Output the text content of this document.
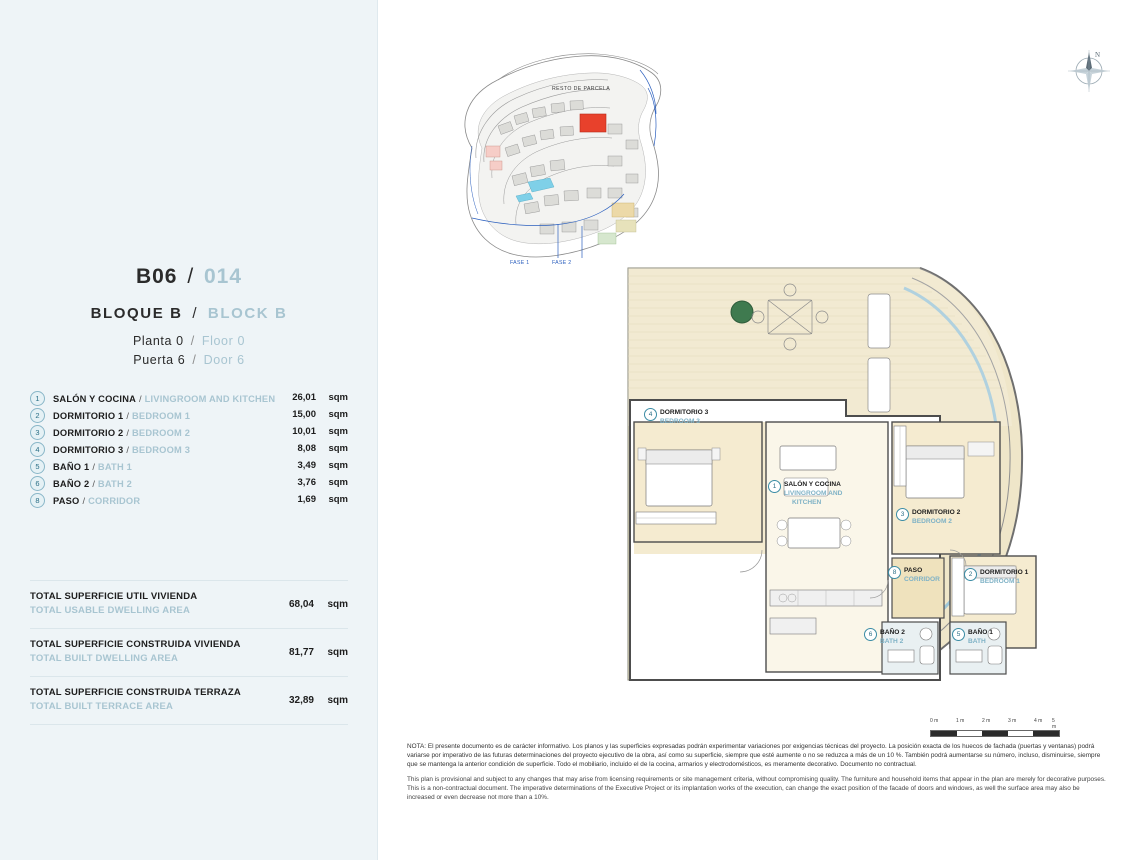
B06 / 014
BLOQUE B / BLOCK B
Planta 0 / Floor 0
Puerta 6 / Door 6
1	SALÓN Y COCINA / LIVINGROOM AND KITCHEN 26,01 sqm
2	DORMITORIO 1 / BEDROOM 1	15,00 sqm
3	DORMITORIO 2 / BEDROOM 2	10,01 sqm
4	DORMITORIO 3 / BEDROOM 3	8,08 sqm
5	BAÑO 1 / BATH 1	3,49 sqm
6	BAÑO 2 / BATH 2	3,76 sqm
8	PASO / CORRIDOR	1,69 sqm
TOTAL SUPERFICIE UTIL VIVIENDA
TOTAL USABLE DWELLING AREA
68,04 sqm
TOTAL SUPERFICIE CONSTRUIDA VIVIENDA
TOTAL BUILT DWELLING AREA
81,77 sqm
TOTAL SUPERFICIE CONSTRUIDA TERRAZA
TOTAL BUILT TERRACE AREA
32,89 sqm
RESTO DE PARCELA
FASE 1	FASE 2
N
4	DORMITORIO 3
BEDROOM 3
1	SALÓN Y COCINA
LIVINGROOM AND
KITCHEN
3	DORMITORIO 2
BEDROOM 2
8	PASO
CORRIDOR
2	DORMITORIO 1
BEDROOM 1
6	BAÑO 2
BATH 2
5	BAÑO 1
BATH
0 m	1 m	2 m	3 m	4 m 5 m

NOTA: El presente documento es de carácter informativo. Los planos y las superficies expresadas podrán experimentar variaciones por exigencias técnicas del proyecto. La posición exacta de los huecos de fachada (puertas y ventanas) podrá variarse por imperativo de las futuras determinaciones del proyecto ejecutivo de la obra, así como su superficie, siempre que esté aumente o no se reduzca a más de un 10 %. También podrá aumentarse su número, incluso, disminuirse, siempre que se mantenga la anterior condición de superficie. Todo el mobiliario, incluido el de la cocina, armarios y electrodomésticos, es meramente decorativo. Documento no contractual.

This plan is provisional and subject to any changes that may arise from licensing requirements or site management criteria, without compromising quality. The furniture and household items that appear in the plan are merely for decorative purposes. This is a non-contractual document. The imperative determinations of the Executive Project or its implantation works of the execution, can change the exact position of the facade of doors and windows, as well the surface area may also be increased or even decrease not more than a 10%.
